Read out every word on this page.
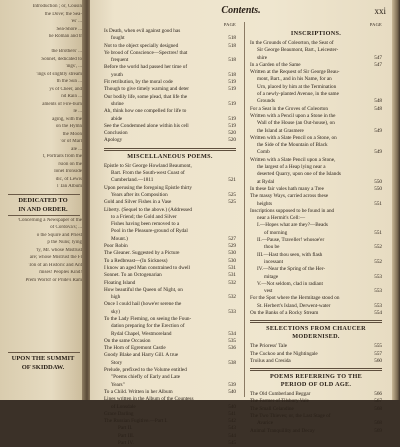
Introduction ; or, Cousin
the Dove; the Sea-
'es' ...
Sea-Shore ...
he Roman and tr
the Brothers' ...
Sonnet, dedicated to
'ings', ...
'ings of slightly stream
th the Sun ...
ys of Cheer, and
nd Rain ...
aments of Fire-burn
le ...
aging, with the
on the Hymn
the Moon
'or of Marl
ale ...
t, Portraits from the
rsion on the
Ionel Ironside
dic, of Lewis
l Tan Album
DEDICATED TO
IN AND ORDER.
'Concerning a Newspaper of the
of Cordova's; ...
o the Squire and Priest
p the Nuns; lying
'ly, Mr. whose Mistrust
are; whose Mistrust the Fl
Ton of an Historic and Ant
mises! Peoples Kind!
Prem World! or Pride's Ram
UPON THE SUMMIT
OF SKIDDAW.
Contents.	xxi
PAGE
Is Death, when evil against good has
fought	518
Not to the object specially designed	518
Ye brood of Conscience—Spectres! that
frequent	518
Before the world had passed her time of
youth	518
Fit retribution, by the moral code	519
Though to give timely warning and deter	519
Our bodily life, some plead, that life the
shrine	519
Ah, think how one compelled for life to
abide	519
See the Condemned alone within his cell	519
Conclusion	520
Apology	520
MISCELLANEOUS POEMS.
Epistle to Sir George Howland Beaumont,
Bart. From the South-west Coast of
Cumberland.—1811	521
Upon perusing the foregoing Epistle thirty
Years after its Composition	525
Gold and Silver Fishes in a Vase	525
Liberty. (Sequel to the above.) (Addressed
to a Friend; the Gold and Silver
Fishes having been removed to a
Pool in the Pleasure-ground of Rydal
Mount.)	527
Poor Robin	529
The Gleaner. Suggested by a Picture	530
To a Redbreast—(In Sickness)	530
I know an aged Man constrained to dwell	531
Sonnet. To an Octogenarian	531
Floating Island	532
How beautiful the Queen of Night, on
high	532
Once I could hail (howe'er serene the
sky)	533
To the Lady Fleming, on seeing the Foun-
dation preparing for the Erection of
Rydal Chapel, Westmoreland	534
On the same Occasion	535
The Horn of Egremont Castle	536
Goody Blake and Harry Gill. A true
Story	538
Prelude, prefixed to the Volume entitled
"Poems chiefly of Early and Late
Years"	539
To a Child. Written in her Album	540
Lines written in the Album of the Countess
of Lonsdale	540
Grace Darling	541
The Russian Fugitive.—Part I.	542
Part II.	543
Part III.	544
Part IV.	545
PAGE
INSCRIPTIONS.
In the Grounds of Coleorton, the Seat of
Sir George Beaumont, Bart., Leicester-
shire	547
In a Garden of the Same	547
Written at the Request of Sir George Beau-
mont, Bart., and in his Name, for an
Urn, placed by him at the Termination
of a newly-planted Avenue, in the same
Grounds	548
For a Seat in the Groves of Coleorton	548
Written with a Pencil upon a Stone in the
Wall of the House (an Out-house), on
the Island at Grasmere	549
Written with a Slate Pencil on a Stone, on
the Side of the Mountain of Black
Comb	549
Written with a Slate Pencil upon a Stone,
the largest of a Heap lying near a
deserted Quarry, upon one of the Islands
at Rydal	550
In these fair vales hath many a Tree	550
The massy Ways, carried across these
heights	551
Inscriptions supposed to be found in and
near a Hermit's Cell:—
I.—Hopes what are they?—Beads
of morning	551
II.—Pause, Traveller! whosoe'er
thou be	552
III.—Hast thou seen, with flash
incessant	552
IV.—Near the Spring of the Her-
mitage	553
V.—Not seldom, clad in radiant
vest	553
For the Spot where the Hermitage stood on
St. Herbert's Island, Derwent-water	553
On the Banks of a Rocky Stream	554
SELECTIONS FROM CHAUCER
MODERNISED.
The Prioress' Tale	555
The Cuckoo and the Nightingale	557
Troilus and Cresida	560
POEMS REFERRING TO THE
PERIOD OF OLD AGE.
The Old Cumberland Beggar	566
The Farmer of Tilsbury Vale	567
The Small Celandine	568
The Two Thieves; or, the Last Stage of
Avarice	568
Animal Tranquillity and Decay	569
